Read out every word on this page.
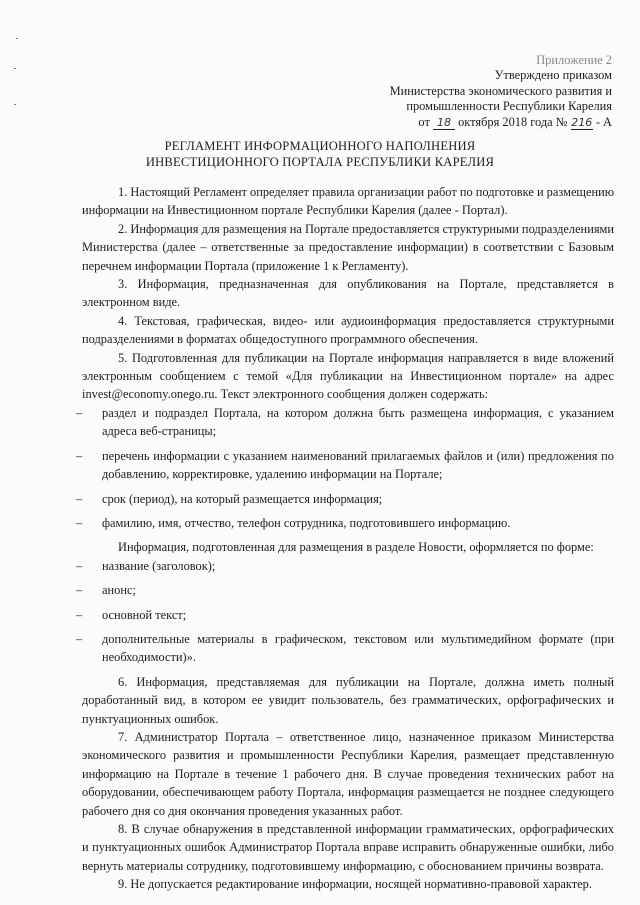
Приложение 2
Утверждено приказом
Министерства экономического развития и
промышленности Республики Карелия
от 18 октября 2018 года № 216 - А
РЕГЛАМЕНТ ИНФОРМАЦИОННОГО НАПОЛНЕНИЯ
ИНВЕСТИЦИОННОГО ПОРТАЛА РЕСПУБЛИКИ КАРЕЛИЯ

1. Настоящий Регламент определяет правила организации работ по подготовке и размещению информации на Инвестиционном портале Республики Карелия (далее - Портал).

2. Информация для размещения на Портале предоставляется структурными подразделениями Министерства (далее – ответственные за предоставление информации) в соответствии с Базовым перечнем информации Портала (приложение 1 к Регламенту).

3. Информация, предназначенная для опубликования на Портале, представляется в электронном виде.

4. Текстовая, графическая, видео- или аудиоинформация предоставляется структурными подразделениями в форматах общедоступного программного обеспечения.

5. Подготовленная для публикации на Портале информация направляется в виде вложений электронным сообщением с темой «Для публикации на Инвестиционном портале» на адрес invest@economy.onego.ru. Текст электронного сообщения должен содержать:

– раздел и подраздел Портала, на котором должна быть размещена информация, с указанием адреса веб-страницы;
– перечень информации с указанием наименований прилагаемых файлов и (или) предложения по добавлению, корректировке, удалению информации на Портале;
– срок (период), на который размещается информация;
– фамилию, имя, отчество, телефон сотрудника, подготовившего информацию.

Информация, подготовленная для размещения в разделе Новости, оформляется по форме:

– название (заголовок);
– анонс;
– основной текст;
– дополнительные материалы в графическом, текстовом или мультимедийном формате (при необходимости)».

6. Информация, представляемая для публикации на Портале, должна иметь полный доработанный вид, в котором ее увидит пользователь, без грамматических, орфографических и пунктуационных ошибок.

7. Администратор Портала – ответственное лицо, назначенное приказом Министерства экономического развития и промышленности Республики Карелия, размещает представленную информацию на Портале в течение 1 рабочего дня. В случае проведения технических работ на оборудовании, обеспечивающем работу Портала, информация размещается не позднее следующего рабочего дня со дня окончания проведения указанных работ.

8. В случае обнаружения в представленной информации грамматических, орфографических и пунктуационных ошибок Администратор Портала вправе исправить обнаруженные ошибки, либо вернуть материалы сотруднику, подготовившему информацию, с обоснованием причины возврата.

9. Не допускается редактирование информации, носящей нормативно-правовой характер.
